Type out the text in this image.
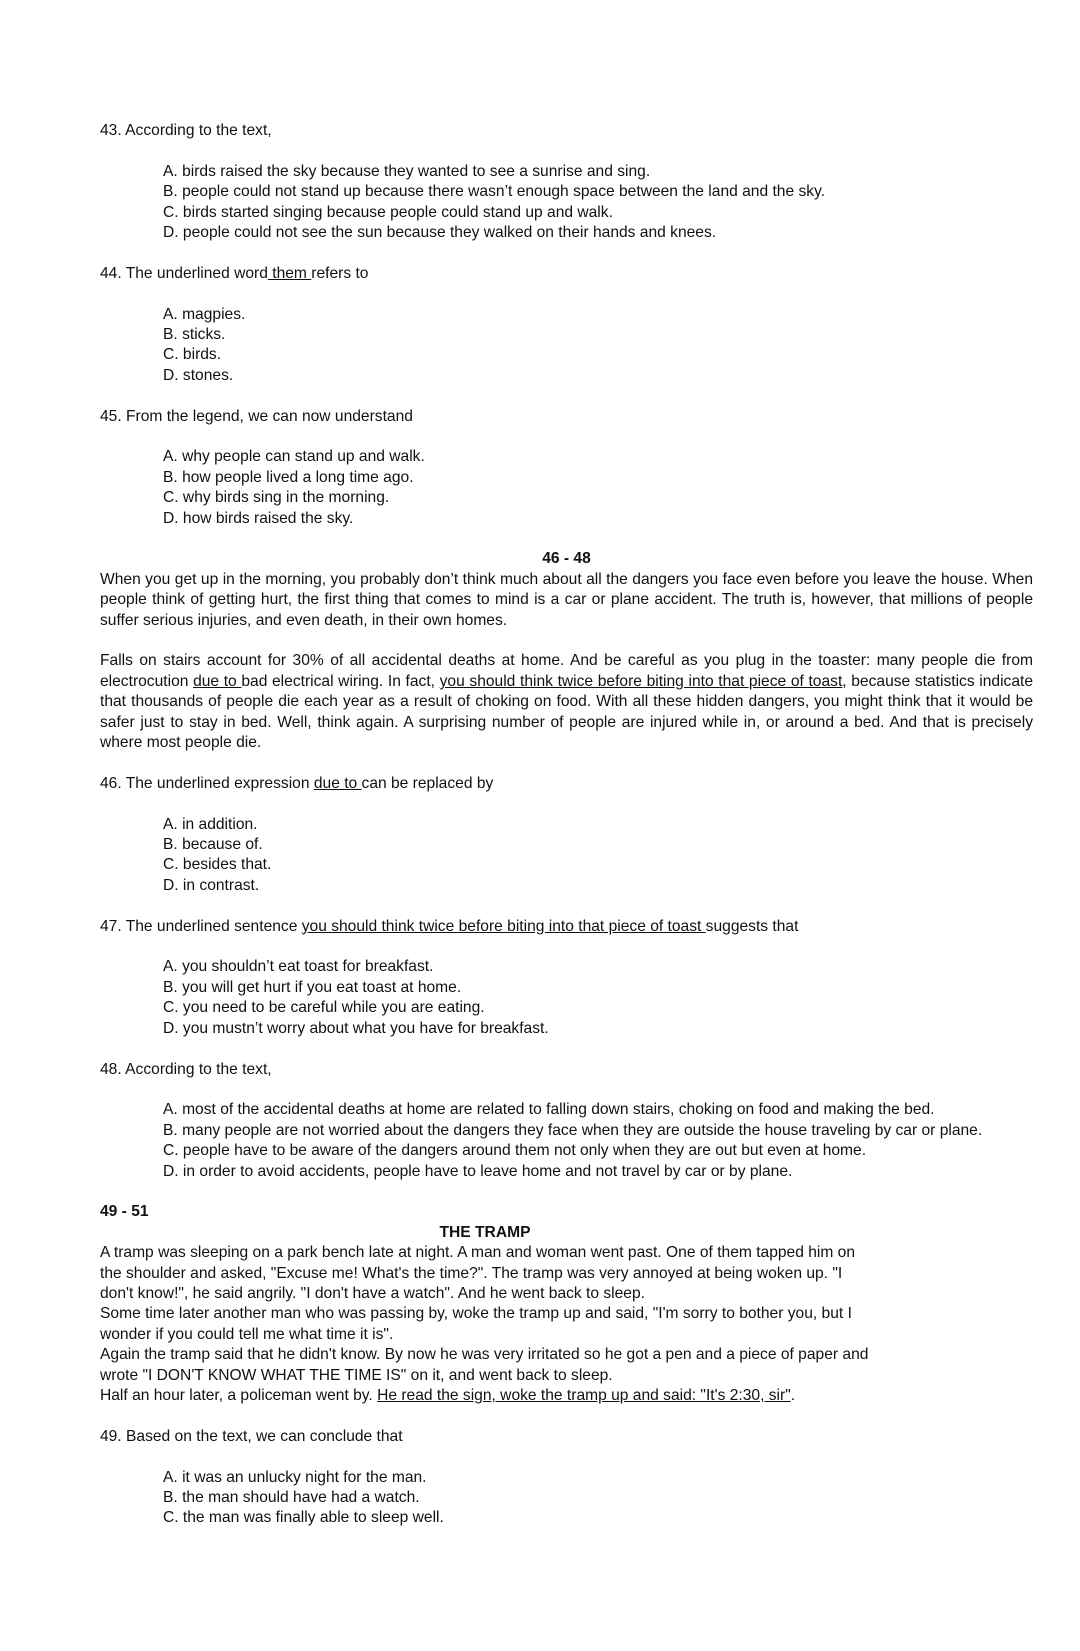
43. According to the text,
A. birds raised the sky because they wanted to see a sunrise and sing.
B. people could not stand up because there wasn’t enough space between the land and the sky.
C. birds started singing because people could stand up and walk.
D. people could not see the sun because they walked on their hands and knees.
44. The underlined word them refers to
A. magpies.
B. sticks.
C. birds.
D. stones.
45. From the legend, we can now understand
A. why people can stand up and walk.
B. how people lived a long time ago.
C. why birds sing in the morning.
D. how birds raised the sky.
46 - 48
When you get up in the morning, you probably don’t think much about all the dangers you face even before you leave the house. When people think of getting hurt, the first thing that comes to mind is a car or plane accident. The truth is, however, that millions of people suffer serious injuries, and even death, in their own homes.
Falls on stairs account for 30% of all accidental deaths at home. And be careful as you plug in the toaster: many people die from electrocution due to bad electrical wiring. In fact, you should think twice before biting into that piece of toast, because statistics indicate that thousands of people die each year as a result of choking on food. With all these hidden dangers, you might think that it would be safer just to stay in bed. Well, think again. A surprising number of people are injured while in, or around a bed. And that is precisely where most people die.
46. The underlined expression due to can be replaced by
A. in addition.
B. because of.
C. besides that.
D. in contrast.
47. The underlined sentence you should think twice before biting into that piece of toast suggests that
A. you shouldn’t eat toast for breakfast.
B. you will get hurt if you eat toast at home.
C. you need to be careful while you are eating.
D. you mustn’t worry about what you have for breakfast.
48. According to the text,
A. most of the accidental deaths at home are related to falling down stairs, choking on food and making the bed.
B. many people are not worried about the dangers they face when they are outside the house traveling by car or plane.
C. people have to be aware of the dangers around them not only when they are out but even at home.
D. in order to avoid accidents, people have to leave home and not travel by car or by plane.
49 - 51
THE TRAMP

A tramp was sleeping on a park bench late at night. A man and woman went past. One of them tapped him on the shoulder and asked, "Excuse me! What's the time?". The tramp was very annoyed at being woken up. "I don't know!", he said angrily. "I don't have a watch". And he went back to sleep.

Some time later another man who was passing by, woke the tramp up and said, "I'm sorry to bother you, but I wonder if you could tell me what time it is".

Again the tramp said that he didn't know. By now he was very irritated so he got a pen and a piece of paper and wrote "I DON'T KNOW WHAT THE TIME IS" on it, and went back to sleep.

Half an hour later, a policeman went by. He read the sign, woke the tramp up and said: "It's 2:30, sir".

49. Based on the text, we can conclude that
A. it was an unlucky night for the man.
B. the man should have had a watch.
C. the man was finally able to sleep well.
